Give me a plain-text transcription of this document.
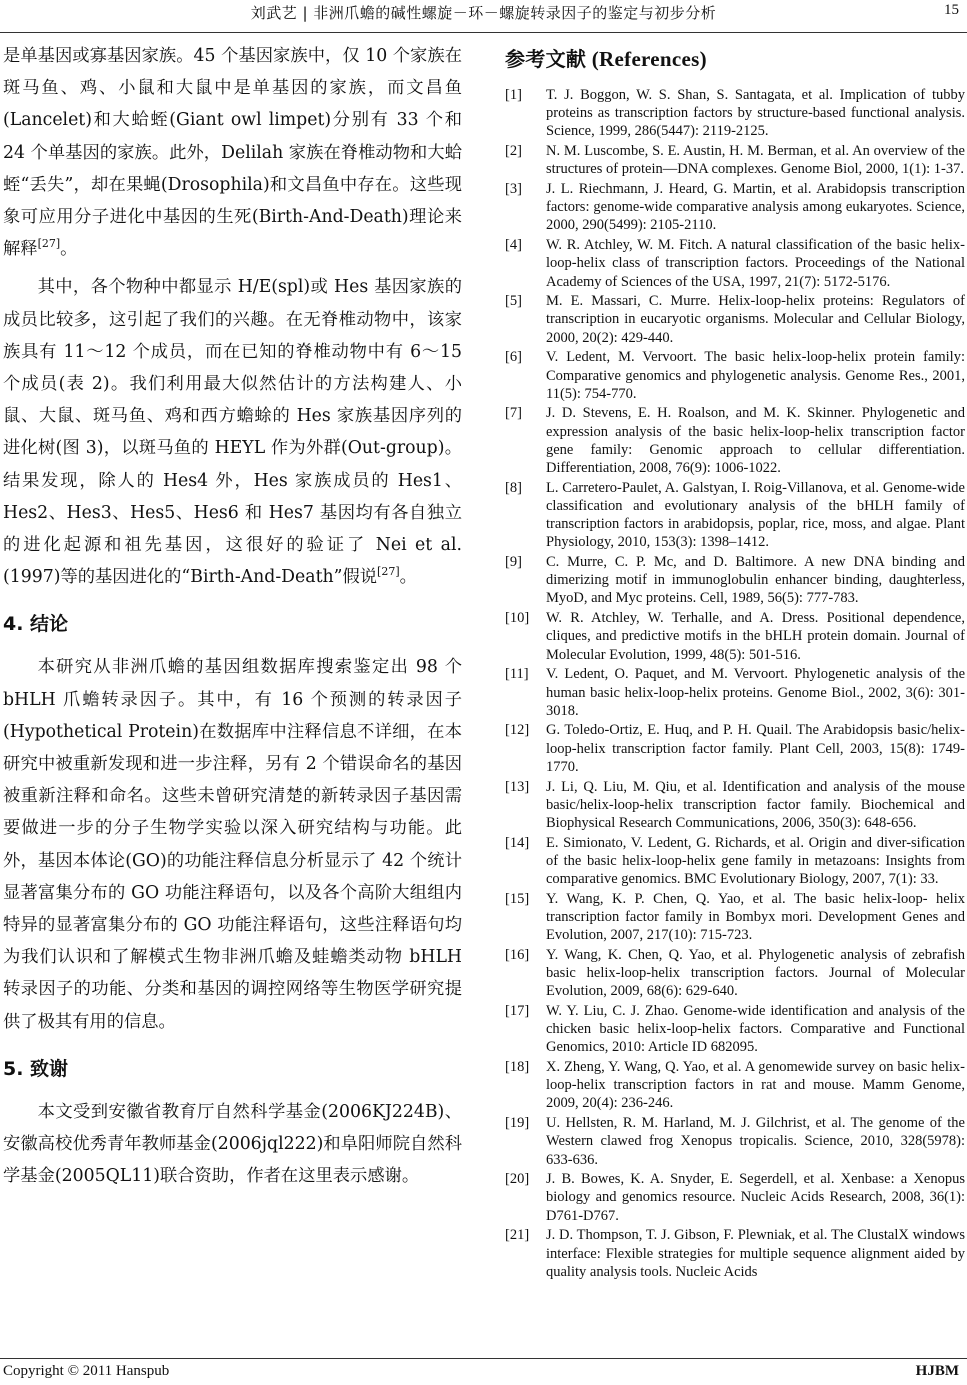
刘武艺 | 非洲爪蟾的碱性螺旋－环－螺旋转录因子的鉴定与初步分析	15

是单基因或寡基因家族。45 个基因家族中，仅 10 个家族在斑马鱼、鸡、小鼠和大鼠中是单基因的家族，而文昌鱼(Lancelet)和大蛤蛭(Giant owl limpet)分别有 33 个和 24 个单基因的家族。此外，Delilah 家族在脊椎动物和大蛤蛭“丢失”，却在果蝇(Drosophila)和文昌鱼中存在。这些现象可应用分子进化中基因的生死(Birth-And-Death)理论来解释[27]。

其中，各个物种中都显示 H/E(spl)或 Hes 基因家族的成员比较多，这引起了我们的兴趣。在无脊椎动物中，该家族具有 11～12 个成员，而在已知的脊椎动物中有 6～15 个成员(表 2)。我们利用最大似然估计的方法构建人、小鼠、大鼠、斑马鱼、鸡和西方蟾蜍的 Hes 家族基因序列的进化树(图 3)，以斑马鱼的 HEYL 作为外群(Out-group)。结果发现，除人的 Hes4 外，Hes 家族成员的 Hes1、Hes2、Hes3、Hes5、Hes6 和 Hes7 基因均有各自独立的进化起源和祖先基因，这很好的验证了 Nei et al. (1997)等的基因进化的“Birth-And-Death”假说[27]。

4. 结论

本研究从非洲爪蟾的基因组数据库搜索鉴定出 98 个 bHLH 爪蟾转录因子。其中，有 16 个预测的转录因子(Hypothetical Protein)在数据库中注释信息不详细，在本研究中被重新发现和进一步注释，另有 2 个错误命名的基因被重新注释和命名。这些未曾研究清楚的新转录因子基因需要做进一步的分子生物学实验以深入研究结构与功能。此外，基因本体论(GO)的功能注释信息分析显示了 42 个统计显著富集分布的 GO 功能注释语句，以及各个高阶大组组内特异的显著富集分布的 GO 功能注释语句，这些注释语句均为我们认识和了解模式生物非洲爪蟾及蛙蟾类动物 bHLH 转录因子的功能、分类和基因的调控网络等生物医学研究提供了极其有用的信息。

5. 致谢

本文受到安徽省教育厅自然科学基金(2006KJ224B)、安徽高校优秀青年教师基金(2006jql222)和阜阳师院自然科学基金(2005QL11)联合资助，作者在这里表示感谢。

参考文献 (References)
[1] T. J. Boggon, W. S. Shan, S. Santagata, et al. Implication of tubby proteins as transcription factors by structure-based functional analysis. Science, 1999, 286(5447): 2119-2125.
[2] N. M. Luscombe, S. E. Austin, H. M. Berman, et al. An overview of the structures of protein—DNA complexes. Genome Biol, 2000, 1(1): 1-37.
[3] J. L. Riechmann, J. Heard, G. Martin, et al. Arabidopsis transcription factors: genome-wide comparative analysis among eukaryotes. Science, 2000, 290(5499): 2105-2110.
[4] W. R. Atchley, W. M. Fitch. A natural classification of the basic helix-loop-helix class of transcription factors. Proceedings of the National Academy of Sciences of the USA, 1997, 21(7): 5172-5176.
[5] M. E. Massari, C. Murre. Helix-loop-helix proteins: Regulators of transcription in eucaryotic organisms. Molecular and Cellular Biology, 2000, 20(2): 429-440.
[6] V. Ledent, M. Vervoort. The basic helix-loop-helix protein family: Comparative genomics and phylogenetic analysis. Genome Res., 2001, 11(5): 754-770.
[7] J. D. Stevens, E. H. Roalson, and M. K. Skinner. Phylogenetic and expression analysis of the basic helix-loop-helix transcription factor gene family: Genomic approach to cellular differentiation. Differentiation, 2008, 76(9): 1006-1022.
[8] L. Carretero-Paulet, A. Galstyan, I. Roig-Villanova, et al. Genome-wide classification and evolutionary analysis of the bHLH family of transcription factors in arabidopsis, poplar, rice, moss, and algae. Plant Physiology, 2010, 153(3): 1398–1412.
[9] C. Murre, C. P. Mc, and D. Baltimore. A new DNA binding and dimerizing motif in immunoglobulin enhancer binding, daughterless, MyoD, and Myc proteins. Cell, 1989, 56(5): 777-783.
[10] W. R. Atchley, W. Terhalle, and A. Dress. Positional dependence, cliques, and predictive motifs in the bHLH protein domain. Journal of Molecular Evolution, 1999, 48(5): 501-516.
[11] V. Ledent, O. Paquet, and M. Vervoort. Phylogenetic analysis of the human basic helix-loop-helix proteins. Genome Biol., 2002, 3(6): 301-3018.
[12] G. Toledo-Ortiz, E. Huq, and P. H. Quail. The Arabidopsis basic/helix-loop-helix transcription factor family. Plant Cell, 2003, 15(8): 1749-1770.
[13] J. Li, Q. Liu, M. Qiu, et al. Identification and analysis of the mouse basic/helix-loop-helix transcription factor family. Biochemical and Biophysical Research Communications, 2006, 350(3): 648-656.
[14] E. Simionato, V. Ledent, G. Richards, et al. Origin and diver-sification of the basic helix-loop-helix gene family in metazoans: Insights from comparative genomics. BMC Evolutionary Biology, 2007, 7(1): 33.
[15] Y. Wang, K. P. Chen, Q. Yao, et al. The basic helix-loop- helix transcription factor family in Bombyx mori. Development Genes and Evolution, 2007, 217(10): 715-723.
[16] Y. Wang, K. Chen, Q. Yao, et al. Phylogenetic analysis of zebrafish basic helix-loop-helix transcription factors. Journal of Molecular Evolution, 2009, 68(6): 629-640.
[17] W. Y. Liu, C. J. Zhao. Genome-wide identification and analysis of the chicken basic helix-loop-helix factors. Comparative and Functional Genomics, 2010: Article ID 682095.
[18] X. Zheng, Y. Wang, Q. Yao, et al. A genomewide survey on basic helix-loop-helix transcription factors in rat and mouse. Mamm Genome, 2009, 20(4): 236-246.
[19] U. Hellsten, R. M. Harland, M. J. Gilchrist, et al. The genome of the Western clawed frog Xenopus tropicalis. Science, 2010, 328(5978): 633-636.
[20] J. B. Bowes, K. A. Snyder, E. Segerdell, et al. Xenbase: a Xenopus biology and genomics resource. Nucleic Acids Research, 2008, 36(1): D761-D767.
[21] J. D. Thompson, T. J. Gibson, F. Plewniak, et al. The ClustalX windows interface: Flexible strategies for multiple sequence alignment aided by quality analysis tools. Nucleic Acids
Copyright © 2011 Hanspub	HJBM
